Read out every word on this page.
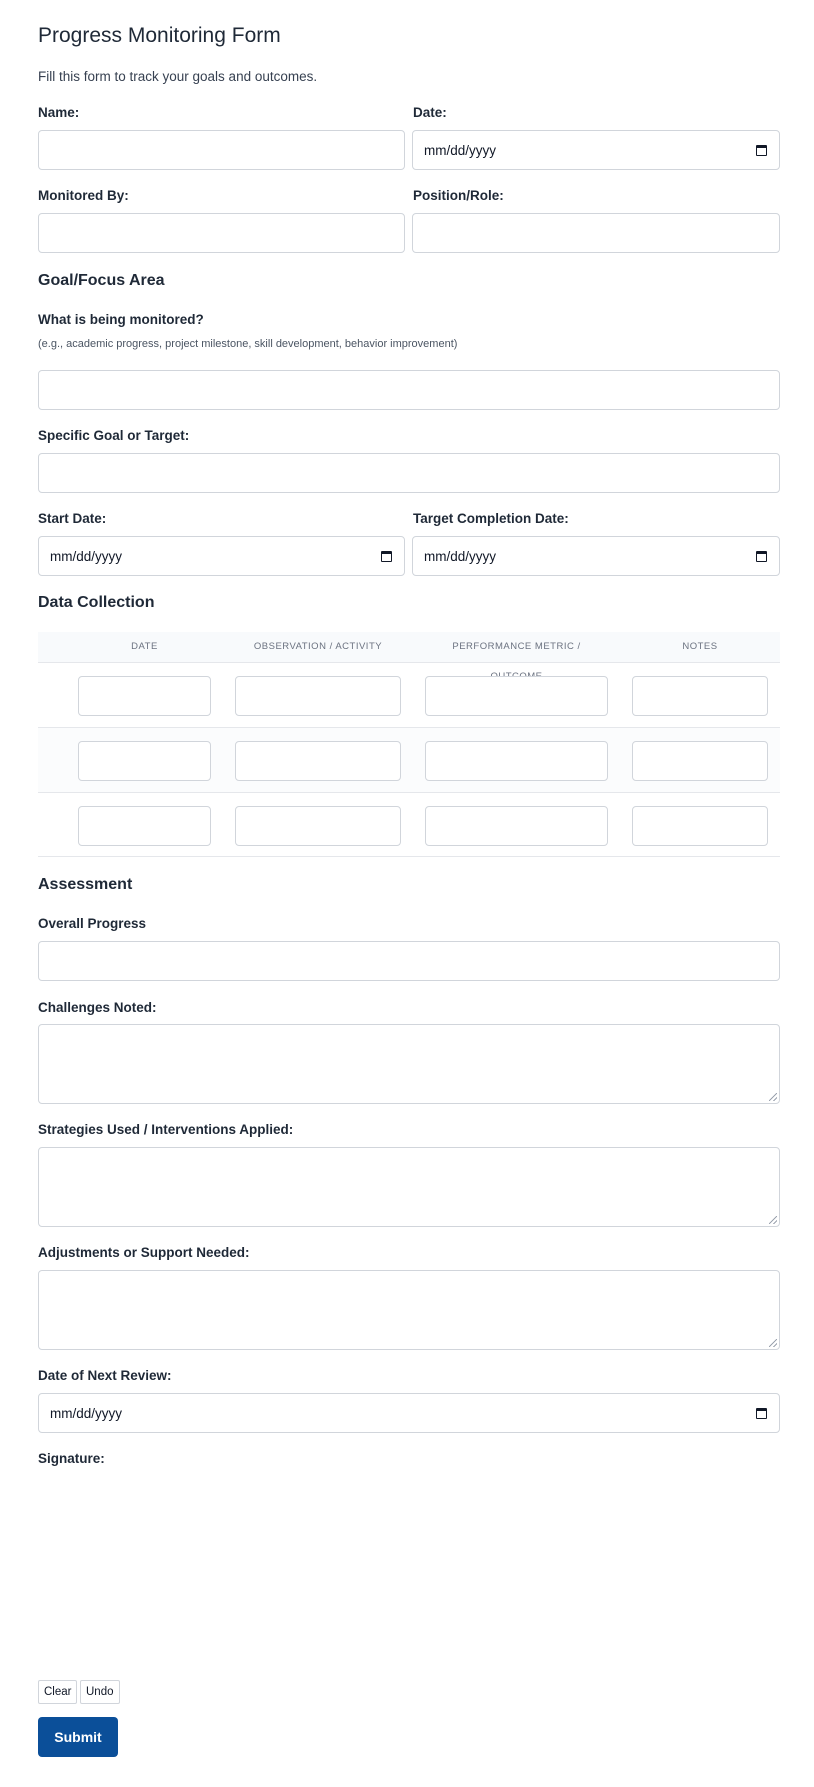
Progress Monitoring Form
Fill this form to track your goals and outcomes.
Name:	Date:
mm/dd/yyyy
Monitored By:	Position/Role:
Goal/Focus Area
What is being monitored?
(e.g., academic progress, project milestone, skill development, behavior improvement)
Specific Goal or Target:
Start Date:	Target Completion Date:
mm/dd/yyyy	mm/dd/yyyy
Data Collection
DATE	OBSERVATION / ACTIVITY	PERFORMANCE METRIC /	NOTES
Assessment
Overall Progress
Challenges Noted:
Strategies Used / Interventions Applied:
Adjustments or Support Needed:
Date of Next Review:
mm/dd/yyyy
Signature:
Clear	Undo
Submit
